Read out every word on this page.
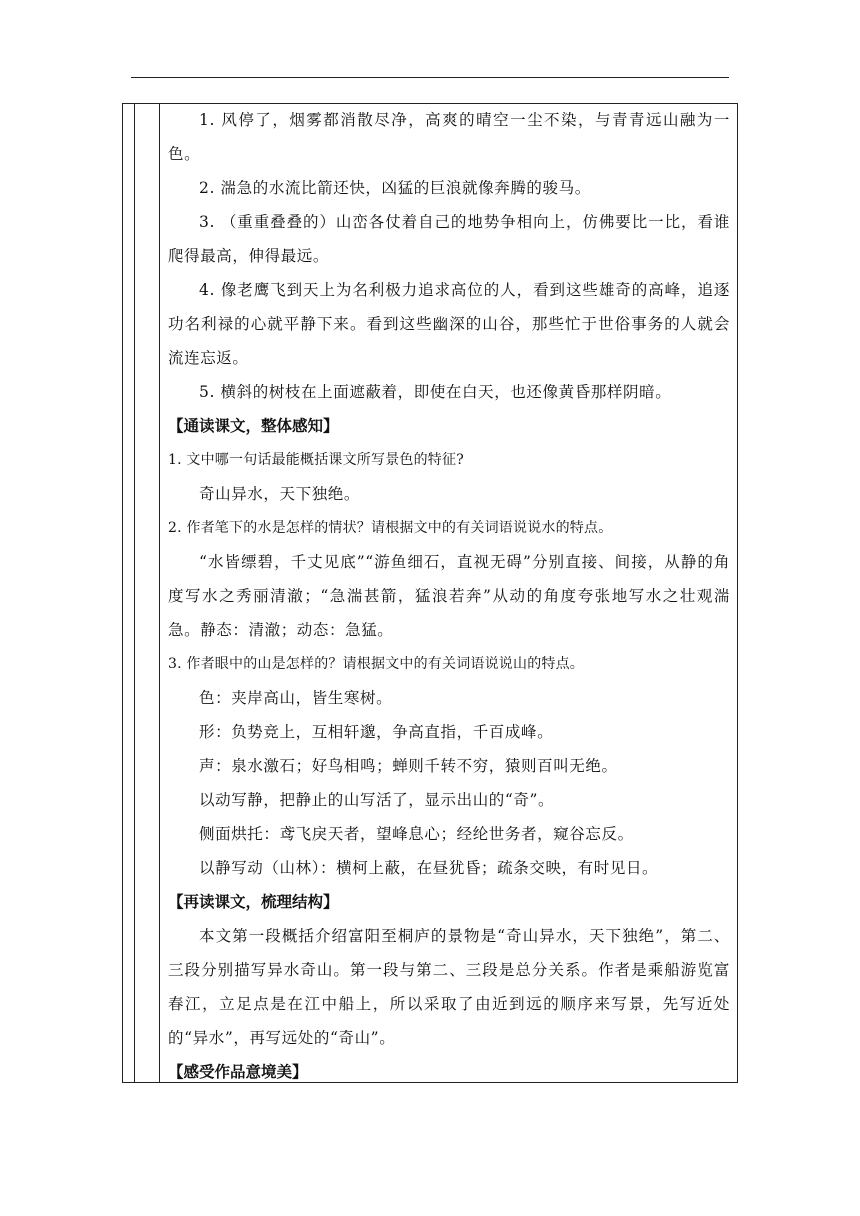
1. 风停了，烟雾都消散尽净，高爽的晴空一尘不染，与青青远山融为一色。

2. 湍急的水流比箭还快，凶猛的巨浪就像奔腾的骏马。

3. （重重叠叠的）山峦各仗着自己的地势争相向上，仿佛要比一比，看谁爬得最高，伸得最远。

4. 像老鹰飞到天上为名利极力追求高位的人，看到这些雄奇的高峰，追逐功名利禄的心就平静下来。看到这些幽深的山谷，那些忙于世俗事务的人就会流连忘返。

5. 横斜的树枝在上面遮蔽着，即使在白天，也还像黄昏那样阴暗。

【通读课文，整体感知】

1. 文中哪一句话最能概括课文所写景色的特征?

奇山异水，天下独绝。

2. 作者笔下的水是怎样的情状？请根据文中的有关词语说说水的特点。

“水皆缥碧，千丈见底”“游鱼细石，直视无碍”分别直接、间接，从静的角度写水之秀丽清澈；“急湍甚箭，猛浪若奔”从动的角度夸张地写水之壮观湍急。静态：清澈；动态：急猛。

3. 作者眼中的山是怎样的？请根据文中的有关词语说说山的特点。

色：夹岸高山，皆生寒树。

形：负势竞上，互相轩邈，争高直指，千百成峰。

声：泉水激石；好鸟相鸣；蝉则千转不穷，猿则百叫无绝。

以动写静，把静止的山写活了，显示出山的“奇”。

侧面烘托：鸢飞戾天者，望峰息心；经纶世务者，窥谷忘反。

以静写动（山林）：横柯上蔽，在昼犹昏；疏条交映，有时见日。

【再读课文，梳理结构】

本文第一段概括介绍富阳至桐庐的景物是“奇山异水，天下独绝”，第二、三段分别描写异水奇山。第一段与第二、三段是总分关系。作者是乘船游览富春江，立足点是在江中船上，所以采取了由近到远的顺序来写景，先写近处的“异水”，再写远处的“奇山”。

【感受作品意境美】
